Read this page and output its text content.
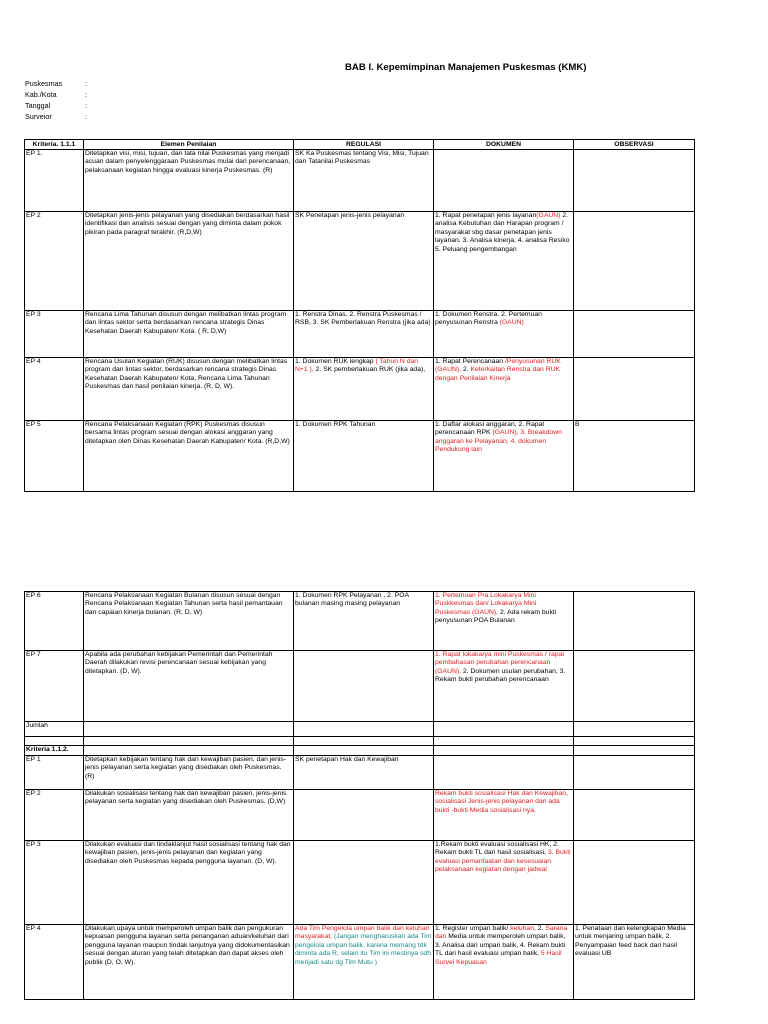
BAB I. Kepemimpinan Manajemen Puskesmas (KMK)
Puskesmas	:
Kab./Kota	:
Tanggal	:
Surveior	:
Kriteria. 1.1.1	Elemen Penilaian	REGULASI	DOKUMEN	OBSERVASI
EP 1.	Ditetapkan visi, misi, tujuan, dan tata nilai Puskesmas yang menjadi acuan dalam penyelenggaraan Puskesmas mulai dari perencanaan, pelaksanaan kegiatan hingga evaluasi kinerja Puskesmas. (R)	SK Ka Puskesmas tentang Visi, Misi, Tujuan dan Tatanilai Puskesmas		
EP 2	Ditetapkan jenis-jenis pelayanan yang disediakan berdasarkan hasil identifikasi dan analisis sesuai dengan yang diminta dalam pokok pikiran pada paragraf terakhir. (R,D,W)	SK Penetapan jenis-jenis pelayanan	1. Rapat penetapan jenis layanan(GAUN) 2. analisa Kebutuhan dan Harapan program / masyarakat sbg dasar penetapan jenis layanan. 3. Analisa kinerja, 4. analisa Resiko 5. Peluang pengembangan	
EP 3	Rencana Lima Tahunan disusun dengan melibatkan lintas program dan lintas sektor serta berdasarkan rencana strategis Dinas Kesehatan Daerah Kabupaten/ Kota. ( R, D,W)	1. Renstra Dinas. 2. Renstra Puskesmas / RSB, 3. SK Pemberlakuan Renstra (jika ada)	1. Dokumen Renstra. 2. Pertemuan penyusunan Renstra (GAUN)	
EP 4	Rencana Usulan Kegiatan (RUK) disusun dengan melibatkan lintas program dan lintas sektor, berdasarkan rencana strategis Dinas Kesehatan Daerah Kabupaten/ Kota, Rencana Lima Tahunan Puskesmas dan hasil penilaian kinerja. (R, D, W).	1. Dokumen RUK lengkap ( Tahun N dan N+1 ), 2. SK pemberlakuan RUK (jika ada),	1. Rapat Perencanaan /Penyusunan RUK (GAUN), 2. Keterkaitan Renstra dan RUK dengan Penilaian Kinerja	
EP 5	Rencana Pelaksanaan Kegiatan (RPK) Puskesmas disusun bersama lintas program sesuai dengan alokasi anggaran yang ditetapkan oleh Dinas Kesehatan Daerah Kabupaten/ Kota. (R,D,W)	1. Dokumen RPK Tahunan	1. Daftar alokasi anggaran, 2. Rapat perencanaan RPK (GAUN), 3. Breakdown anggaran ke Pelayanan, 4. dokumen Pendukung lain	B
EP 6	Rencana Pelaksanaan Kegiatan Bulanan disusun sesuai dengan Rencana Pelaksanaan Kegiatan Tahunan serta hasil pemantauan dan capaian kinerja bulanan. (R, D, W)	1. Dokumen RPK Pelayanan , 2. POA bulanan masing masing pelayanan	1. Pertemuan Pra Lokakarya Mini Puskkesmas dan/ Lokakarya Mini Puskesmas (GAUN), 2. Ada rekam bukti penyusunan POA Bulanan	
EP 7	Apabila ada perubahan kebijakan Pemerintah dan Pemerintah Daerah dilakukan revisi perencanaan sesuai kebijakan yang ditetapkan. (D, W).		1. Rapat lokakarya mini Puskesmas / rapat pembahasan perubahan perencanaan (GAUN), 2. Dokumen usulan perubahan, 3. Rekam bukti perubahan perencanaan	
Jumlah				

Kriteria 1.1.2.				
EP 1	Ditetapkan kebijakan tentang hak dan kewajiban pasien, dan jenis-jenis pelayanan serta kegiatan yang disediakan oleh Puskesmas. (R)	SK penetapan Hak dan Kewajiban		
EP 2	Dilakukan sosialisasi tentang hak dan kewajiban pasien, jenis-jenis pelayanan serta kegiatan yang disediakan oleh Puskesmas. (D,W)		Rekam bukti sosialisasi Hak dan Kewajiban, sosialisasi Jenis-jenis pelayanan dan ada bukti -bukti Media sosialisasi nya.	
EP 3	Dilakukan evaluasi dan tindaklanjut hasil sosialisasi tentang hak dan kewajiban pasien, jenis-jenis pelayanan dan kegiatan yang disediakan oleh Puskesmas kepada pengguna layanan. (D, W).		1.Rekam bukti evaluasi sosialisasi HK, 2. Rekam bukti TL dari hasil sosialisasi, 3. Bukti evaluasi pemanfaatan dan kesesuaian pelaksanaan kegiatan dengan jadwal	
EP 4	Dilakukan upaya untuk memperoleh umpan balik dan pengukuran kepuasan pengguna layanan serta penanganan aduan/keluhan dari pengguna layanan maupun tindak lanjutnya yang didokumentasikan sesuai dengan aturan yang telah ditetapkan dan dapat akses oleh publik (D, O, W).	Ada Tim Pengelola umpan balik dan keluhan masyarakat, (Jangan mengharuskan ada Tim pengelola umpan balik, karena memang tdk diminta ada R, selain itu Tim ini mestinya sdh menjadi satu dg Tim Mutu )	1. Register umpan balik/ keluhan, 2. Sarana dan Media untuk memperoleh umpan balik, 3. Analisa dari umpan balik, 4. Rekam bukti TL dari hasil evaluasi umpan balik, 5 Hasil Survei Kepuasan	1. Penataan dan kelengkapan Media untuk menjaring umpan balik, 2. Penyampaian feed back dari hasil evaluasi UB
